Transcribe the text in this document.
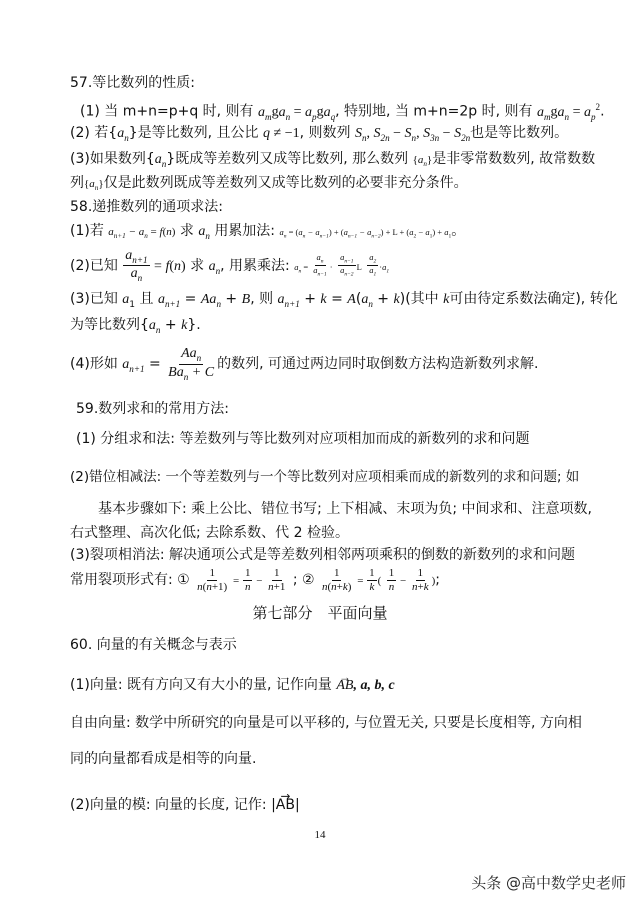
57.等比数列的性质:
(1) 当 m+n=p+q 时, 则有 $a_mga_n = a_pga_q$, 特别地, 当 m+n=2p 时, 则有 $a_mga_n = a_p^2$.
(2) 若$\{a_n\}$是等比数列, 且公比 q ≠ −1, 则数列 $S_n$, $S_{2n} - S_n$, $S_{3n} - S_{2n}$也是等比数列。
(3)如果数列$\{a_n\}$既成等差数列又成等比数列, 那么数列 $\{a_n\}$是非零常数数列, 故常数数
列$\{a_n\}$仅是此数列既成等差数列又成等比数列的必要非充分条件。
58.递推数列的通项求法:
(1)若 $a_{n+1} - a_n = f(n)$ 求 $a_n$ 用累加法: $a_n = (a_n - a_{n-1}) + (a_{n-1} - a_{n-2}) + L + (a_2 - a_1) + a_1$。
(2)已知 $\frac{a_{n+1}}{a_n} = f(n)$ 求 $a_n$, 用累乘法: $a_n = \frac{a_n}{a_{n-1}} \cdot \frac{a_{n-1}}{a_{n-2}}$ L $\frac{a_2}{a_1} \cdot a_1$
(3)已知 $a_1$ 且 $a_{n+1} = Aa_n + B$, 则 $a_{n+1} + k = A(a_n + k)$(其中 k可由待定系数法确定), 转化
为等比数列$\{a_n + k\}$.
(4)形如 $a_{n+1} = \frac{Aa_n}{Ba_n + C}$ 的数列, 可通过两边同时取倒数方法构造新数列求解.
59.数列求和的常用方法:
(1) 分组求和法: 等差数列与等比数列对应项相加而成的新数列的求和问题
(2)错位相减法: 一个等差数列与一个等比数列对应项相乘而成的新数列的求和问题; 如
基本步骤如下: 乘上公比、错位书写; 上下相减、末项为负; 中间求和、注意项数,
右式整理、高次化低; 去除系数、代 2 检验。
(3)裂项相消法: 解决通项公式是等差数列相邻两项乘积的倒数的新数列的求和问题
常用裂项形式有: ① $\frac{1}{n(n+1)} = \frac{1}{n} - \frac{1}{n+1}$ ; ② $\frac{1}{n(n+k)} = \frac{1}{k}$ ( $\frac{1}{n} - \frac{1}{n+k}$ );
第七部分　平面向量
60. 向量的有关概念与表示
(1)向量: 既有方向又有大小的量, 记作向量 → AB, a, b, c
自由向量: 数学中所研究的向量是可以平移的, 与位置无关, 只要是长度相等, 方向相
同的向量都看成是相等的向量.
(2)向量的模: 向量的长度, 记作: |→ AB|
14
头条 @高中数学史老师
